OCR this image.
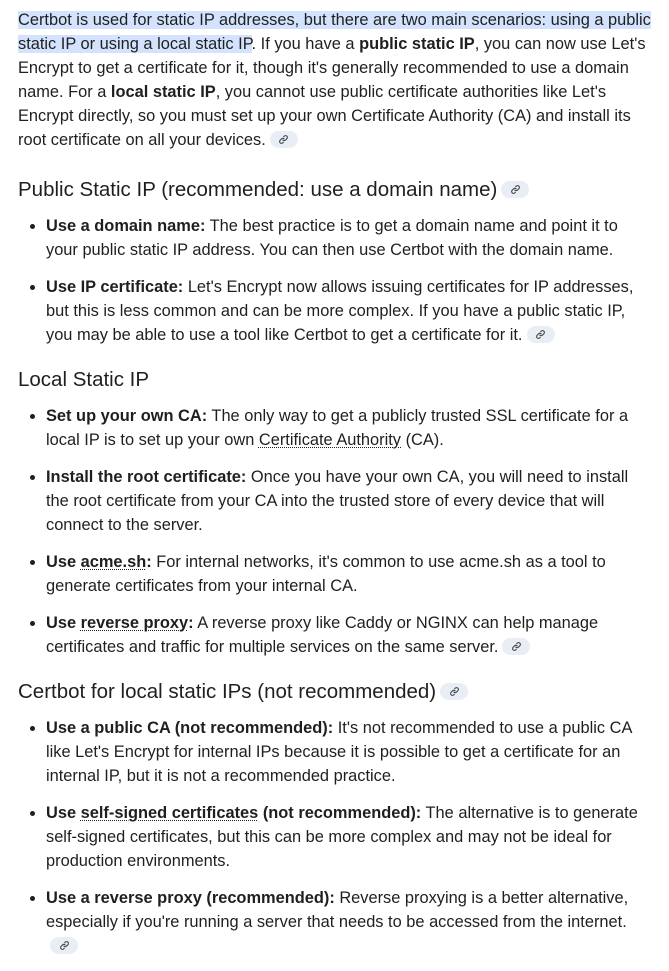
Certbot is used for static IP addresses, but there are two main scenarios: using a public static IP or using a local static IP. If you have a public static IP, you can now use Let's Encrypt to get a certificate for it, though it's generally recommended to use a domain name. For a local static IP, you cannot use public certificate authorities like Let's Encrypt directly, so you must set up your own Certificate Authority (CA) and install its root certificate on all your devices.

Public Static IP (recommended: use a domain name)
• Use a domain name: The best practice is to get a domain name and point it to your public static IP address. You can then use Certbot with the domain name.
• Use IP certificate: Let's Encrypt now allows issuing certificates for IP addresses, but this is less common and can be more complex. If you have a public static IP, you may be able to use a tool like Certbot to get a certificate for it.
Local Static IP
• Set up your own CA: The only way to get a publicly trusted SSL certificate for a local IP is to set up your own Certificate Authority (CA).
• Install the root certificate: Once you have your own CA, you will need to install the root certificate from your CA into the trusted store of every device that will connect to the server.
• Use acme.sh: For internal networks, it's common to use acme.sh as a tool to generate certificates from your internal CA.
• Use reverse proxy: A reverse proxy like Caddy or NGINX can help manage certificates and traffic for multiple services on the same server.
Certbot for local static IPs (not recommended)
• Use a public CA (not recommended): It's not recommended to use a public CA like Let's Encrypt for internal IPs because it is possible to get a certificate for an internal IP, but it is not a recommended practice.
• Use self-signed certificates (not recommended): The alternative is to generate self-signed certificates, but this can be more complex and may not be ideal for production environments.
• Use a reverse proxy (recommended): Reverse proxying is a better alternative, especially if you're running a server that needs to be accessed from the internet.
